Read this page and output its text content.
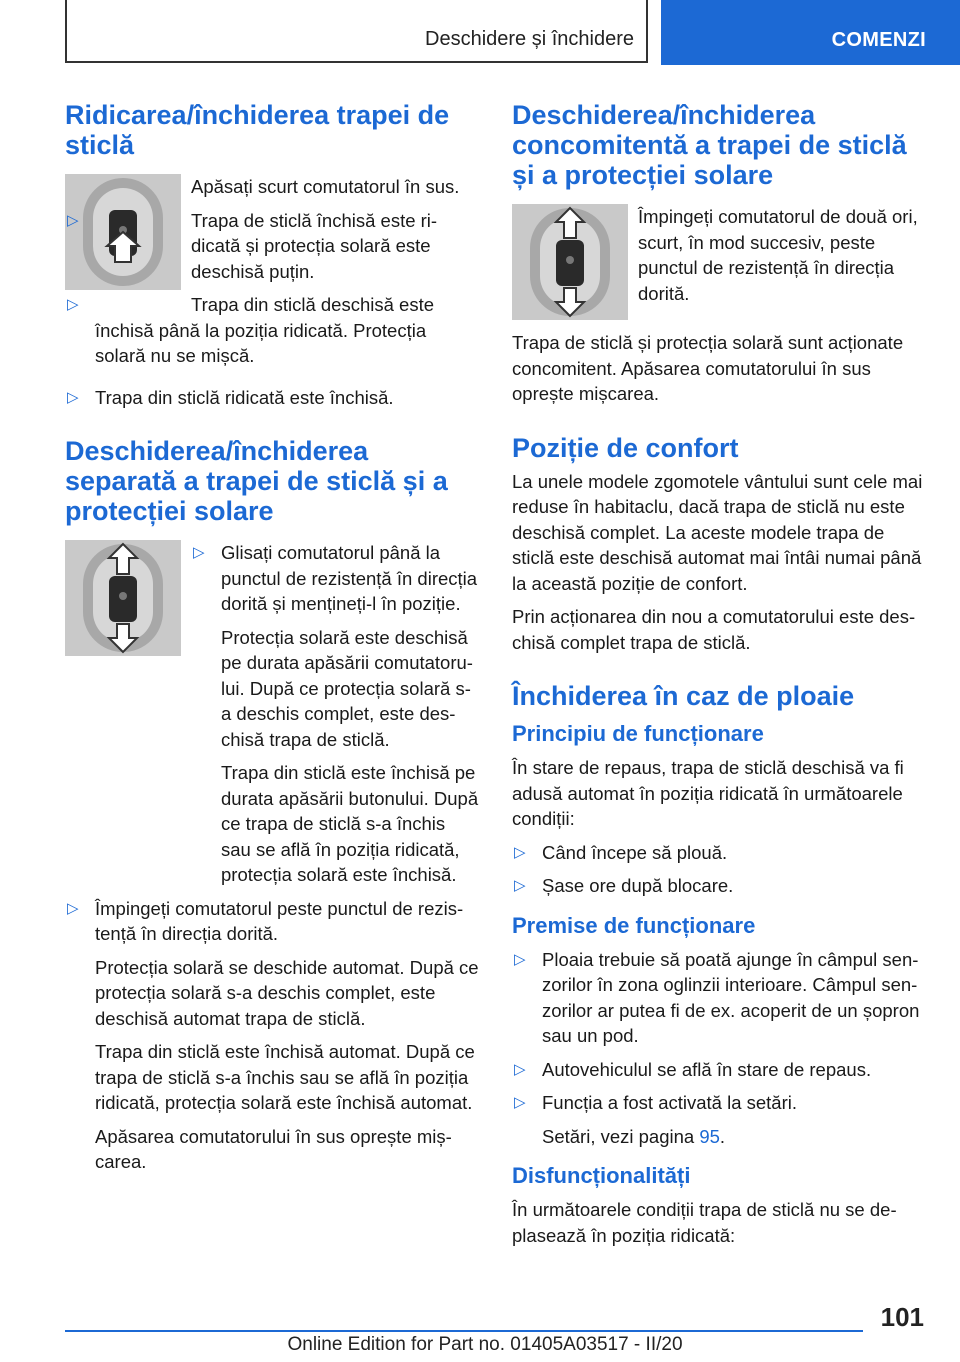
Deschidere și închidere	COMENZI
Ridicarea/închiderea trapei de sticlă

Apăsați scurt comutatorul în sus.

▷	Trapa de sticlă închisă este ridicată și protecția solară este deschisă puțin.
▷	Trapa din sticlă deschisă este închisă până la poziția ridicată. Protecția solară nu se mișcă.
▷ Trapa din sticlă ridicată este închisă.
Deschiderea/închiderea separată a trapei de sticlă și a protecției solare
▷ Glisați comutatorul până la punctul de rezistență în direcția dorită și mențineți-l în poziție.

Protecția solară este deschisă pe durata apăsării comutatorului. După ce protecția solară s-a deschis complet, este deschisă trapa de sticlă.

Trapa din sticlă este închisă pe durata apăsării butonului. După ce trapa de sticlă s-a închis sau se află în poziția ridicată, protecția solară este închisă.

▷ Împingeți comutatorul peste punctul de rezistență în direcția dorită.

Protecția solară se deschide automat. După ce protecția solară s-a deschis complet, este deschisă automat trapa de sticlă.

Trapa din sticlă este închisă automat. După ce trapa de sticlă s-a închis sau se află în poziția ridicată, protecția solară este închisă automat.

Apăsarea comutatorului în sus oprește mișcarea.

Deschiderea/închiderea concomitentă a trapei de sticlă și a protecției solare

Împingeți comutatorul de două ori, scurt, în mod succesiv, peste punctul de rezistență în direcția dorită.

Trapa de sticlă și protecția solară sunt acționate concomitent. Apăsarea comutatorului în sus oprește mișcarea.

Poziție de confort

La unele modele zgomotele vântului sunt cele mai reduse în habitaclu, dacă trapa de sticlă nu este deschisă complet. La aceste modele trapa de sticlă este deschisă automat mai întâi numai până la această poziție de confort.

Prin acționarea din nou a comutatorului este deschisă complet trapa de sticlă.

Închiderea în caz de ploaie
Principiu de funcționare

În stare de repaus, trapa de sticlă deschisă va fi adusă automat în poziția ridicată în următoarele condiții:

▷ Când începe să plouă.
▷ Șase ore după blocare.
Premise de funcționare
▷ Ploaia trebuie să poată ajunge în câmpul senzorilor în zona oglinzii interioare. Câmpul senzorilor ar putea fi de ex. acoperit de un șopron sau un pod.
▷ Autovehiculul se află în stare de repaus.
▷ Funcția a fost activată la setări.

Setări, vezi pagina 95.

Disfuncționalități

În următoarele condiții trapa de sticlă nu se deplasează în poziția ridicată:

101
Online Edition for Part no. 01405A03517 - II/20
